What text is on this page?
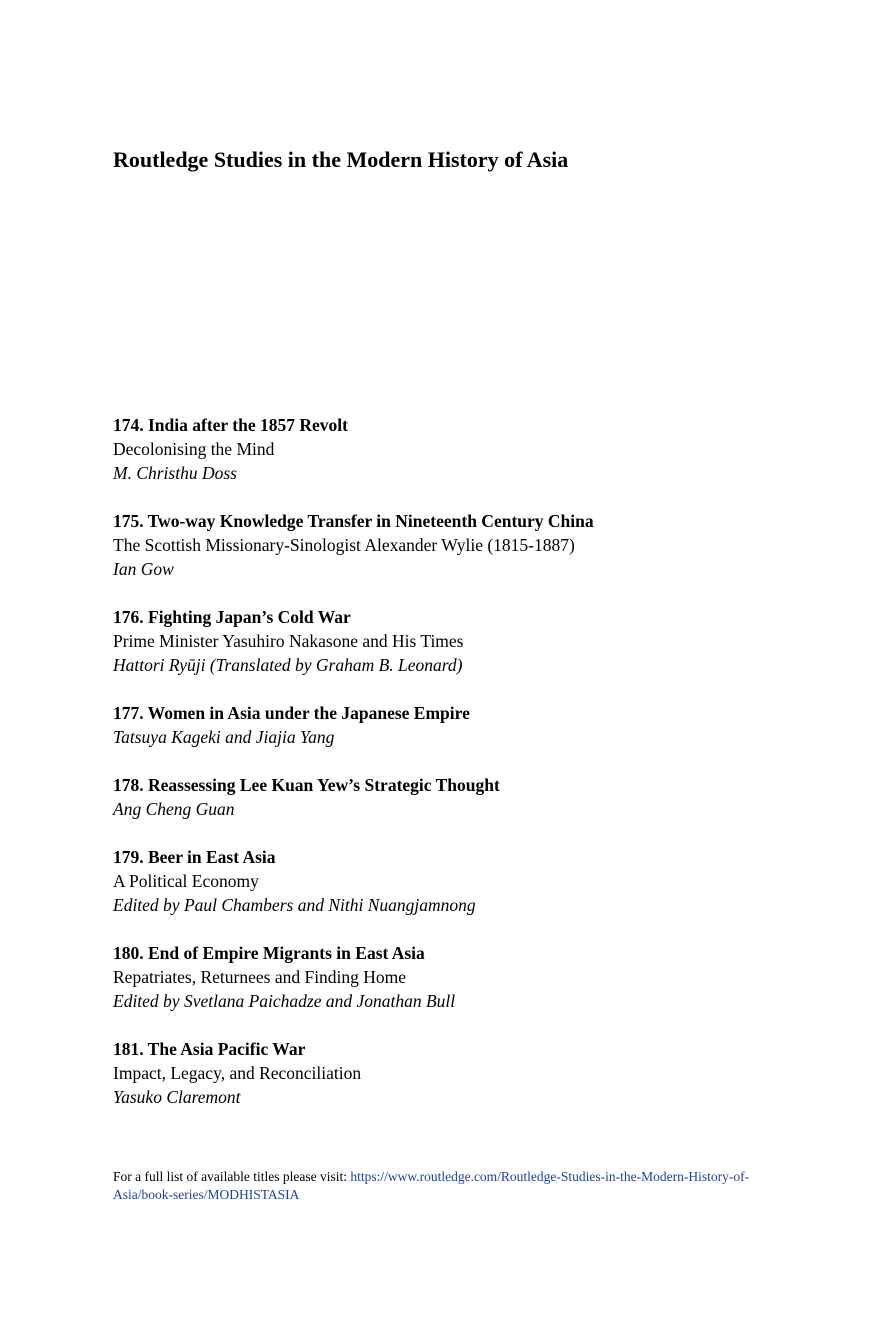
Routledge Studies in the Modern History of Asia
174. India after the 1857 Revolt
Decolonising the Mind
M. Christhu Doss
175. Two-way Knowledge Transfer in Nineteenth Century China
The Scottish Missionary-Sinologist Alexander Wylie (1815-1887)
Ian Gow
176. Fighting Japan’s Cold War
Prime Minister Yasuhiro Nakasone and His Times
Hattori Ryūji (Translated by Graham B. Leonard)
177. Women in Asia under the Japanese Empire
Tatsuya Kageki and Jiajia Yang
178. Reassessing Lee Kuan Yew’s Strategic Thought
Ang Cheng Guan
179. Beer in East Asia
A Political Economy
Edited by Paul Chambers and Nithi Nuangjamnong
180. End of Empire Migrants in East Asia
Repatriates, Returnees and Finding Home
Edited by Svetlana Paichadze and Jonathan Bull
181. The Asia Pacific War
Impact, Legacy, and Reconciliation
Yasuko Claremont
For a full list of available titles please visit: https://www.routledge.com/Routledge-Studies-in-the-Modern-History-of-Asia/book-series/MODHISTASIA
